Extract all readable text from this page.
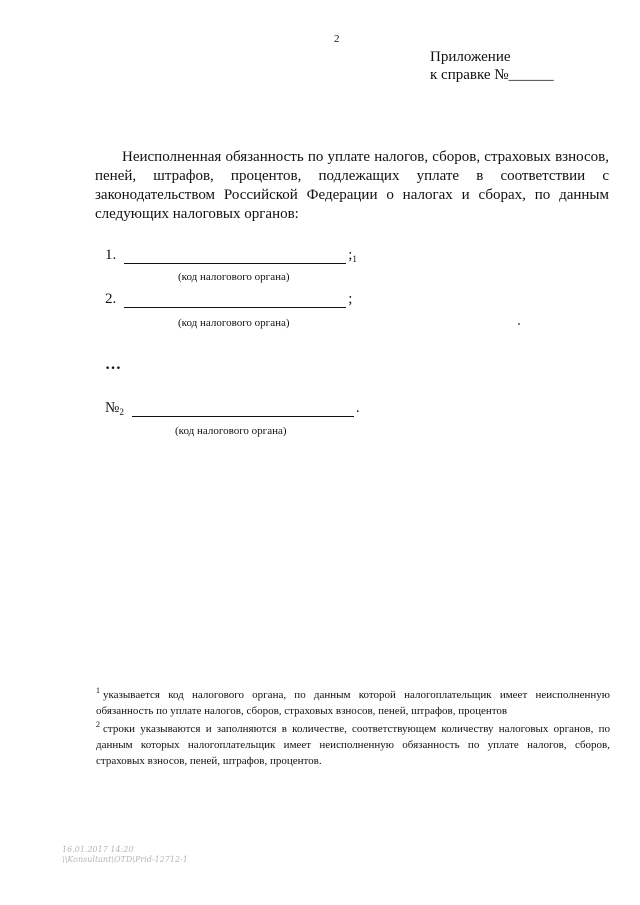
2
Приложение
к справке №______
Неисполненная обязанность по уплате налогов, сборов, страховых взносов, пеней, штрафов, процентов, подлежащих уплате в соответствии с законодательством Российской Федерации о налогах и сборах, по данным следующих налоговых органов:
1.	$;_1$
(код налогового органа)
2.	;
(код налогового органа)
…
$№_2$	.
(код налогового органа)
$^1$ указывается код налогового органа, по данным которой налогоплательщик имеет неисполненную обязанность по уплате налогов, сборов, страховых взносов, пеней, штрафов, процентов
$^2$ строки указываются и заполняются в количестве, соответствующем количеству налоговых органов, по данным которых налогоплательщик имеет неисполненную обязанность по уплате налогов, сборов, страховых взносов, пеней, штрафов, процентов.
16.01.2017 14:20
\\Konsultant\OTD\Prid-12712-1
